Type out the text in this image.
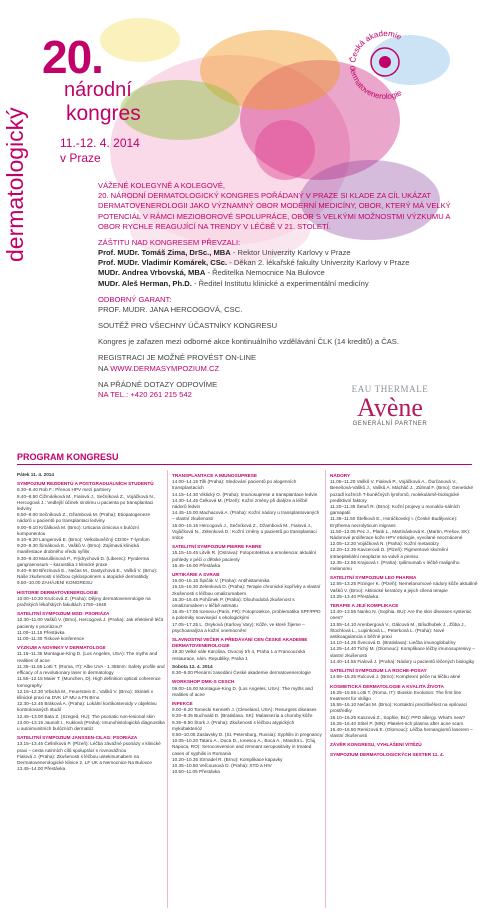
20.
národní
kongres
dermatologický	11.-12. 4. 2014
v Praze
Česká akademie
dermatovenerologie
VÁŽENÉ KOLEGYNĚ A KOLEGOVÉ,
20. NÁRODNÍ DERMATOLOGICKÝ KONGRES POŘÁDANÝ V PRAZE SI KLADE ZA CÍL UKÁZAT DERMATOVENEROLOGII JAKO VÝZNAMNÝ OBOR MODERNÍ MEDICÍNY, OBOR, KTERÝ MÁ VELKÝ POTENCIÁL V RÁMCI MEZIOBOROVÉ SPOLUPRÁCE, OBOR S VELKÝMI MOŽNOSTMI VÝZKUMU A OBOR RYCHLE REAGUJÍCÍ NA TRENDY V LÉČBĚ V 21. STOLETÍ.
ZÁŠTITU NAD KONGRESEM PŘEVZALI:
Prof. MUDr. Tomáš Zima, DrSc., MBA - Rektor Univerzity Karlovy v Praze
Prof. MUDr. Vladimír Komárek, CSc. - Děkan 2. lékařské fakulty Univerzity Karlovy v Praze
MUDr. Andrea Vrbovská, MBA - Ředitelka Nemocnice Na Bulovce
MUDr. Aleš Herman, Ph.D. - Ředitel Institutu klinické a experimentální medicíny
ODBORNÝ GARANT:
PROF. MUDR. JANA HERCOGOVÁ, CSC.
SOUTĚŽ PRO VŠECHNY ÚČASTNÍKY KONGRESU
Kongres je zařazen mezi odborné akce kontinuálního vzdělávání ČLK (14 kreditů) a ČAS.
REGISTRACI JE MOŽNÉ PROVÉST ON-LINE
NA WWW.DERMASYMPOZIUM.CZ
NA PŘÁDNÉ DOTAZY ODPOVÍME
NA TEL.: +420 261 215 542
EAU THERMALE
Avène
GENERÁLNÍ PARTNER
PROGRAM KONGRESU
Pátek 11. 4. 2014
SYMPOZIUM REZIDENTŮ A POSTGRADUÁLNÍCH STUDENTŮ
8.30–8.40 Rob F.: Přenos HPV mezi partnery
8.40–8.50 Čižmáriková M., Fialová J., Sečníková Z., Vojáčková N., Hercogová J.: Vedlejší účinek sirolimu u pacienta po transplantaci ledviny
8.50–9.00 Sečníková Z., Džambová M. (Praha): Etiopatogeneze nádorů u pacientů po transplantaci ledviny
9.00–9.10 Krčálková M. (Brno): Urticaria cimicina s bulózní komponentou
9.10–9.20 Langerová E. (Brno): Velkobuněčný CD30+ T-lymfom
9.20–9.30 Šimáková E., Vašků V. (Brno): Zajímavá klinická manifestace drobného vředu syfilis
9.30–9.40 Maruškinová P., Frýdrychová D. (Liberec): Pyoderma gangraenosum – kazuistika z klinické praxe
9.40–9.50 Březinová E., Nečas M., Dastychová E., Vašků V. (Brno): Naše zkušenosti s léčbou cyklosporinem u atopické dermatitidy
9.50–10.00 ZAHÁJENÍ KONGRESU
HISTORIE DERMATOVENEROLOGIE
10.00–10.30 Kruťcová Z. (Praha): Dějiny dermatovenerologie na pražských lékařských fakultách 1750–1945
SATELITNÍ SYMPOZIUM MSD: PSORIÁZA
10.30–11.00 Vašků V. (Brno), Hercogová J. (Praha): Jak efektivně léčit pacienty s psoriázou?
11.00–11.15 Přestávka
11.00–11.30 Tiskové konference
VÝZKUM A NOVINKY V DERMATOLOGII
11.15–11.35 Montague-King D. (Los Angeles, USA): The myths and realities of acne
11.35–11.55 Lotti T. (Roma, IT): Albe UVA - 1.355nm: Safety profile and efficacy of a revolutionary laser in dermatology
11.55–12.15 Maier T. (Munchen, D): High definition optical coherence tomography
12.15–12.30 Vrbická M., Feuerstein E., Vašků V. (Brno): Skinteli v klinické praxi na DVK LF MU a FN Brno
12.30–12.45 Bráková A. (Praha): Lokální kortikosteroidy v objektivu kontrolovaných studií
12.45–13.00 Bata Z. (Szeged, HU): The psoriatic non-lesional skin
13.00–13.15 Jaunolt I., Kuklová (Praha): Imunohistologická diagnostika u autoimunitních bulózních dermatóz
SATELITNÍ SYMPOZIUM JANSSEN-CILAG: PSORIÁZA
13.15–13.45 Čellníková P. (Plzeň): Léčba závažné psoriázy v klinické praxi – cesta rutinních cílů spoluprácí s rovnovážnou
Fialová J. (Praha): Zkušenosti s léčbou ustekinumabem na Dermatovenerologické klinice 2. LF UK a Nemocnice Na Bulovce
13.45–14.00 Přestávka
TRANSPLANTACE A IMUNOSUPRESE
14.00–14.15 Tilli (Praha): Sledování pacientů po alogenních transplantacích
14.15–14.30 Viklický O. (Praha): Imunosuprese a transplantace ledvin
14.30–14.45 Čelková M. (Plzeň): Kožní změny při dialýze a léčbě nádorů ledvin
14.45–15.00 Machacová A. (Praha): Kožní nádory u transplantovaných – vlastní zkušenosti
15.00–15.15 Hercogová J., Sečníková Z., Džambová M., Fialová J., Vojáčková N., Zelenková D.: Kožní změny u pacientů po transplantaci srdce
SATELITNÍ SYMPOZIUM PIERRE FABRE
15.15–15.45 Litvík R. (Ostrava): Fotoprotektiva a emoliencia: aktuální pohledy v péči o dětské pacienty
15.45–16.00 Přestávka
URTIKÁRIE A SVRAB
16.00–16.15 Špičák V. (Praha): Antihistaminika
16.15–16.30 Zelenková D. (Praha): Terapie chronické kopřivky a vlastní zkušenosti s léčbou omalizumabem
16.30–16.45 Pohčinek P. (Praha): Dlouhodobá zkušenost s omalizumabem v léčbě astmatu
16.45–17.05 Icenecu (Paris, FR): Fotoprotekce, problematika SPF/PPD a polemiky souvisejicí s ekologickými
17.05–17.25 L. Osyková (Karlovy Vary): Kůže, ve které žijeme – psychoanalýza a kožní onemocnění
SLAVNOSTNÍ VEČER A PŘEDÁVÁNÍ CEN ČESKÉ AKADEMIE DERMATOVENEROLOGIE
19.30 Velké sále Karolina, Ovocný trh 4, Praha 1 a Francouzská restaurace, nám. Republiky, Praha 1
Sobota 12. 4. 2014
8.30–9.00 Plenární zasedání České akademie dermatovenerologie
WORKSHOP DMK-S CESCH
09.00–15.00 Montague-King D. (Los Angeles, USA): The myths and realities of acne
INFEKCE
9.00–9.20 Tomecki Kenneth J. (Cleveland, USA): Resurgent diseases
9.20–9.35 Buchvald D. (Bratislava, SK): Malassezia a choroby kůže
9.35–9.50 Štork J. (Praha): Zkušenosti s léčbou atypických mykobakterióz
9.50–10.05 Zaslavsky D. (St. Petersburg, Russia): Syphilis in pregnancy
10.05–10.20 Tataru A., Duca D., Ionescu A., Boca A., Mandra L. (Cluj Napoca, RO): Seroconversion and remnant seropositivity in treated cases of syphilis in Romania
10.20–10.35 Strnadel R. (Brno): Komplikace kapavky
10.35–10.50 Veřcousová D. (Praha): STD a HIV
10.50–11.05 Přestávka
NÁDORY
11.05–11.20 Vašků V. Fialová P., Vojáčková A., Ďurčanová V., Benešová-Vašků J., Vašků A. Mácháč J., Zúlmal F. (Brno): Genetické pozadí kožních T-buněčných lymfomů, molekulárně-biologické prediktivní faktory
11.20–11.35 Šetuň R. (Brno): Kožní projevy u monoklo-nálních gamapatií
11.35–11.50 Štefková E., Horáčkovský I. (České Budějovice): Erythema necrolyticum migrans
11.50–12.05 Pec J., Plank L., Martinásková K. (Martin, Prešov, SK): Nádorové proliferace kože HPV etiologie, vyvolané neoznácené
12.05–12.20 Vojáčková N. (Praha): Kožní metastázy
12.20–12.35 Kavcerová D. (Plzeň): Pigmentové skvrnění intraepiteliální neoplazie na vulvě a penisu
12.35–12.55 Krajsová I. (Praha): Ipilimumab v léčbě maligního melanomu
SATELITNÍ SYMPOZIUM LEO PHARMA
12.55–13.25 Pizinger K. (Plzeň): Nemelanomové nádory kůže aktuálně
Vašků V. (Brno): Aktinické keratózy a jejich cílená terapie
13.25–13.40 Přestávka
TERAPIE A JEJÍ KOMPLIKACE
13.40–13.55 Nanko N. (Sophia, BU): Are the skin diseases systemic ones?
13.55–14.10 Arenbergová V., Gálcová M., Bílodhubek J., Žůba J., Štochlová L., Lupinková L., Peterková L. (Praha): Nové antikoagulancia v běžné praxi
14.10–14.25 Švecová D. (Bratislava): Liečba imunoglobulíny
14.25–14.40 Tichý M. (Olomouc): Komplikace léčby imunosupresivy – vlastní zkušenosti
14.40–14.55 Fialová J. (Praha): Nádory u pacientů léčených biologiky
SATELITNÍ SYMPOZIUM LA ROCHE-POSAY
14.55–15.25 Rulcová J. (Brno): Komplexní péče na léčbu akné
KOSMETICKÁ DERMATOLOGIE A KVALITA ŽIVOTA
15.25–15.55 Lotti T. (Roma, IT): Bioskin Evolution: The first line treatment for vitiligo
15.55–16.10 Nečas M. (Brno): Kontaktní precitlivělost na epilovací prostředky
16.10–16.25 Kaszová Z., Sophie, BU): PPD allergy. What's new?
16.25–16.40 Stítel P. (MN): Platelet-rich plasma after acne scars
16.40–16.50 Remizová E. (Olomouc): Léčba hemangiomů laserem – vlastní zkušenosti
ZÁVĚR KONGRESU, VYHLÁŠENÍ VÍTĚZŮ
SYMPOZIUM DERMATOLOGICKÝCH SESTER 11. 4.
